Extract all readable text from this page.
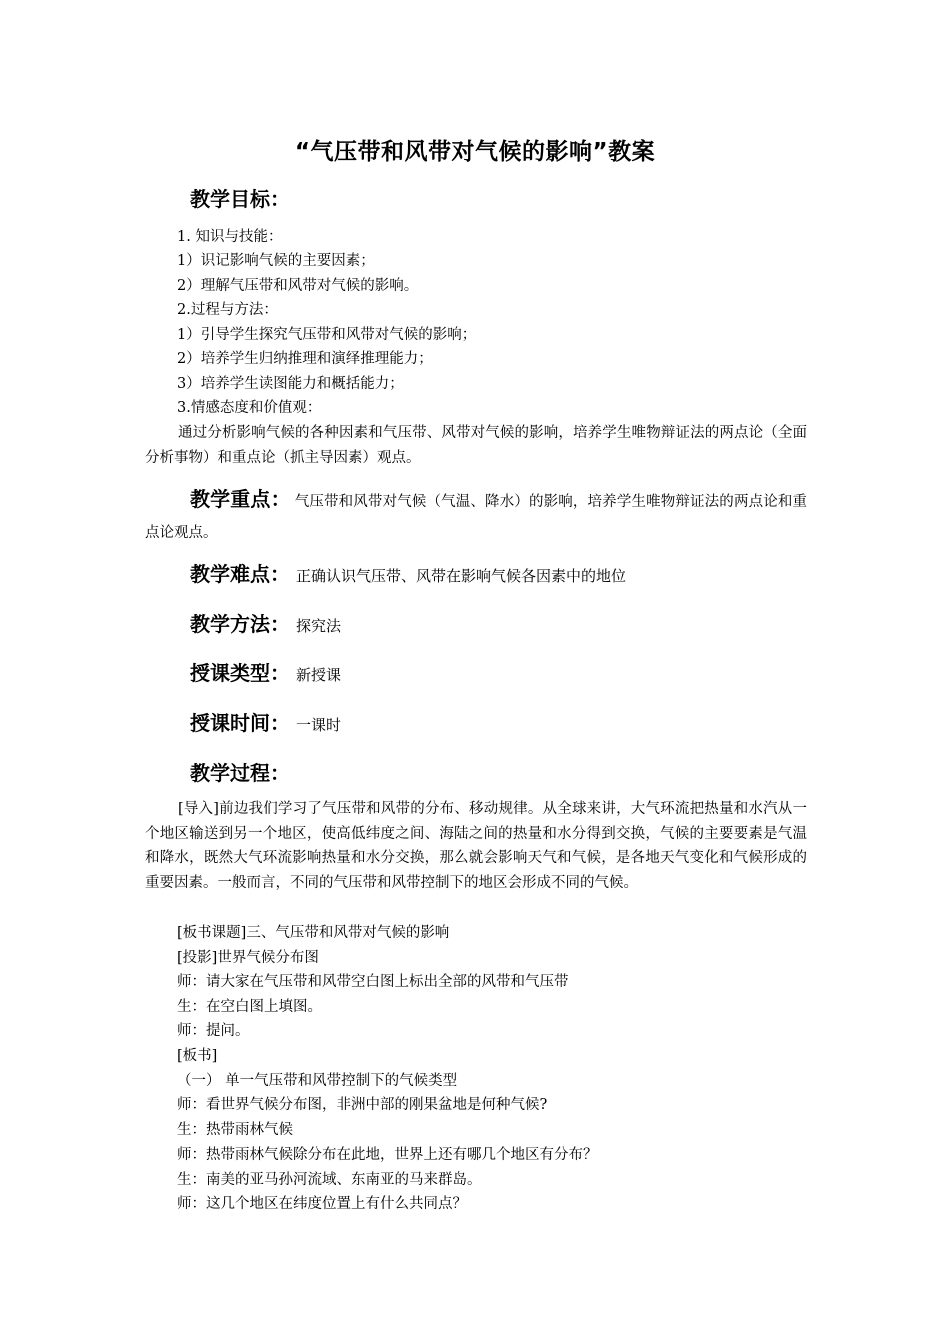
“气压带和风带对气候的影响”教案
教学目标：
1. 知识与技能：
1）识记影响气候的主要因素；
2）理解气压带和风带对气候的影响。
2.过程与方法：
1）引导学生探究气压带和风带对气候的影响；
2）培养学生归纳推理和演绎推理能力；
3）培养学生读图能力和概括能力；
3.情感态度和价值观：
通过分析影响气候的各种因素和气压带、风带对气候的影响，培养学生唯物辩证法的两点论（全面分析事物）和重点论（抓主导因素）观点。
教学重点： 气压带和风带对气候（气温、降水）的影响，培养学生唯物辩证法的两点论和重点论观点。
教学难点： 正确认识气压带、风带在影响气候各因素中的地位
教学方法： 探究法
授课类型： 新授课
授课时间： 一课时
教学过程：
[导入]前边我们学习了气压带和风带的分布、移动规律。从全球来讲，大气环流把热量和水汽从一个地区输送到另一个地区，使高低纬度之间、海陆之间的热量和水分得到交换，气候的主要要素是气温和降水，既然大气环流影响热量和水分交换，那么就会影响天气和气候，是各地天气变化和气候形成的重要因素。一般而言，不同的气压带和风带控制下的地区会形成不同的气候。
[板书课题]三、气压带和风带对气候的影响
[投影]世界气候分布图
师：请大家在气压带和风带空白图上标出全部的风带和气压带
生：在空白图上填图。
师：提问。
[板书]
（一） 单一气压带和风带控制下的气候类型
师：看世界气候分布图，非洲中部的刚果盆地是何种气候?
生：热带雨林气候
师：热带雨林气候除分布在此地，世界上还有哪几个地区有分布？
生：南美的亚马孙河流域、东南亚的马来群岛。
师：这几个地区在纬度位置上有什么共同点？
